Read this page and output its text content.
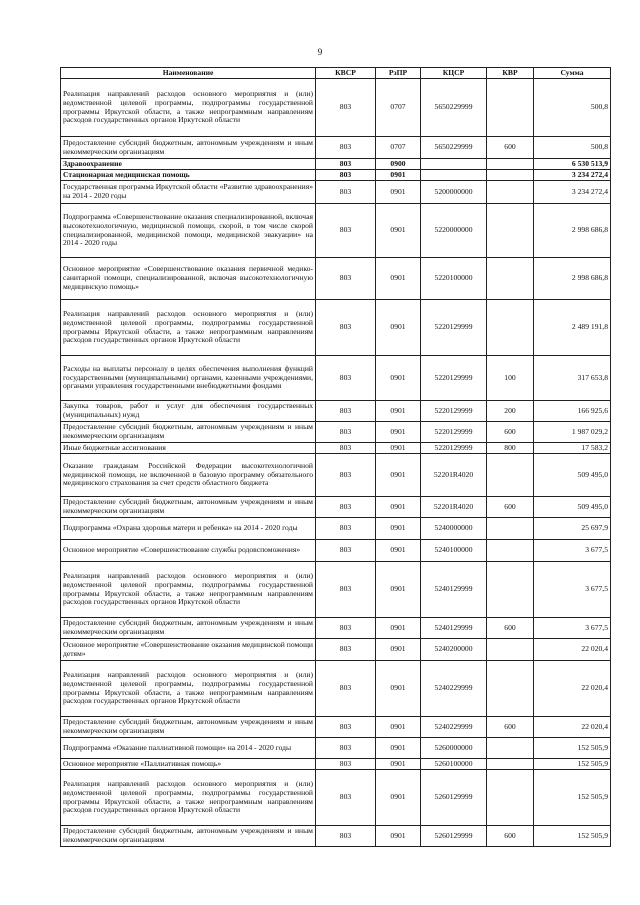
9
Наименование	КВСР	РзПР	КЦСР	КВР	Сумма
Реализация направлений расходов основного мероприятия и (или) ведомственной целевой программы, подпрограммы государственной программы Иркутской области, а также непрограммным направлениям расходов государственных органов Иркутской области	803	0707	5650229999		500,8
Предоставление субсидий бюджетным, автономным учреждениям и иным некоммерческим организациям	803	0707	5650229999	600	500,8
Здравоохранение	803	0900			6 530 513,9
Стационарная медицинская помощь	803	0901			3 234 272,4
Государственная программа Иркутской области «Развитие здравоохранения» на 2014 - 2020 годы	803	0901	5200000000		3 234 272,4
Подпрограмма «Совершенствование оказания специализированной, включая высокотехнологичную, медицинской помощи, скорой, в том числе скорой специализированной, медицинской помощи, медицинской эвакуации» на 2014 - 2020 годы	803	0901	5220000000		2 998 686,8
Основное мероприятие «Совершенствование оказания первичной медико-санитарной помощи, специализированной, включая высокотехнологичную медицинскую помощь»	803	0901	5220100000		2 998 686,8
Реализация направлений расходов основного мероприятия и (или) ведомственной целевой программы, подпрограммы государственной программы Иркутской области, а также непрограммным направлениям расходов государственных органов Иркутской области	803	0901	5220129999		2 489 191,8
Расходы на выплаты персоналу в целях обеспечения выполнения функций государственными (муниципальными) органами, казенными учреждениями, органами управления государственными внебюджетными фондами	803	0901	5220129999	100	317 653,8
Закупка товаров, работ и услуг для обеспечения государственных (муниципальных) нужд	803	0901	5220129999	200	166 925,6
Предоставление субсидий бюджетным, автономным учреждениям и иным некоммерческим организациям	803	0901	5220129999	600	1 987 029,2
Иные бюджетные ассигнования	803	0901	5220129999	800	17 583,2
Оказание гражданам Российской Федерации высокотехнологичной медицинской помощи, не включенной в базовую программу обязательного медицинского страхования за счет средств областного бюджета	803	0901	52201R4020		509 495,0
Предоставление субсидий бюджетным, автономным учреждениям и иным некоммерческим организациям	803	0901	52201R4020	600	509 495,0
Подпрограмма «Охрана здоровья матери и ребенка» на 2014 - 2020 годы	803	0901	5240000000		25 697,9
Основное мероприятие «Совершенствование службы родовспоможения»	803	0901	5240100000		3 677,5
Реализация направлений расходов основного мероприятия и (или) ведомственной целевой программы, подпрограммы государственной программы Иркутской области, а также непрограммным направлениям расходов государственных органов Иркутской области	803	0901	5240129999		3 677,5
Предоставление субсидий бюджетным, автономным учреждениям и иным некоммерческим организациям	803	0901	5240129999	600	3 677,5
Основное мероприятие «Совершенствование оказания медицинской помощи детям»	803	0901	5240200000		22 020,4
Реализация направлений расходов основного мероприятия и (или) ведомственной целевой программы, подпрограммы государственной программы Иркутской области, а также непрограммным направлениям расходов государственных органов Иркутской области	803	0901	5240229999		22 020,4
Предоставление субсидий бюджетным, автономным учреждениям и иным некоммерческим организациям	803	0901	5240229999	600	22 020,4
Подпрограмма «Оказание паллиативной помощи» на 2014 - 2020 годы	803	0901	5260000000		152 505,9
Основное мероприятие «Паллиативная помощь»	803	0901	5260100000		152 505,9
Реализация направлений расходов основного мероприятия и (или) ведомственной целевой программы, подпрограммы государственной программы Иркутской области, а также непрограммным направлениям расходов государственных органов Иркутской области	803	0901	5260129999		152 505,9
Предоставление субсидий бюджетным, автономным учреждениям и иным некоммерческим организациям	803	0901	5260129999	600	152 505,9
